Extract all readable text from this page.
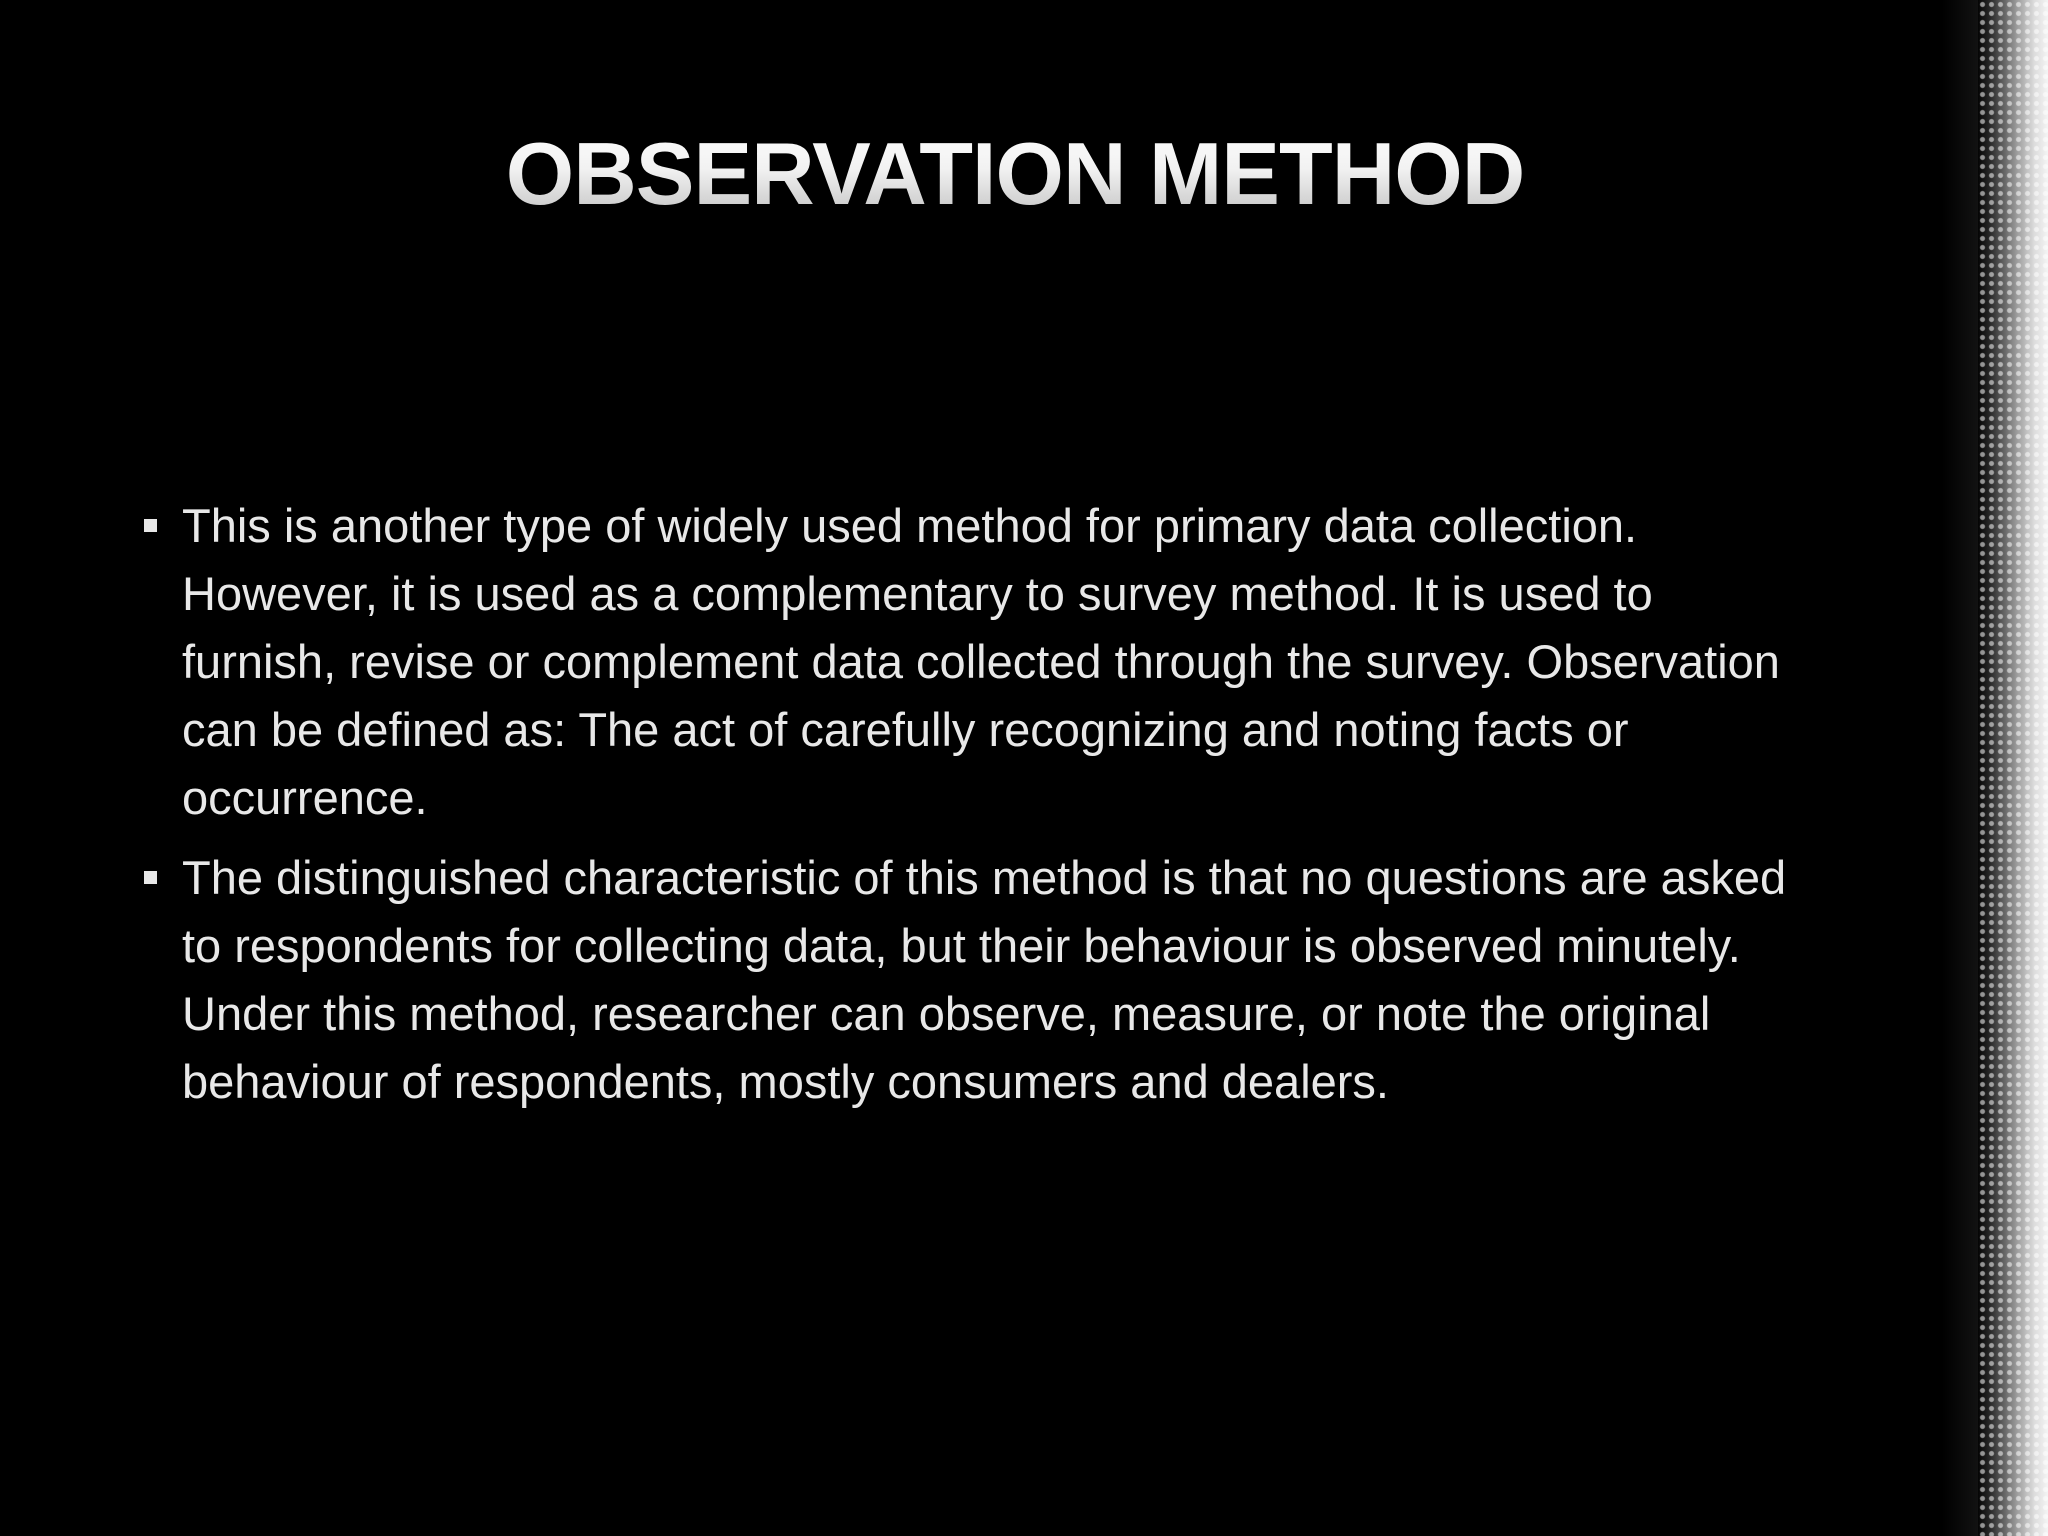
OBSERVATION METHOD
This is another type of widely used method for primary data collection. However, it is used as a complementary to survey method. It is used to furnish, revise or complement data collected through the survey. Observation can be defined as: The act of carefully recognizing and noting facts or occurrence.
The distinguished characteristic of this method is that no questions are asked to respondents for collecting data, but their behaviour is observed minutely. Under this method, researcher can observe, measure, or note the original behaviour of respondents, mostly consumers and dealers.
